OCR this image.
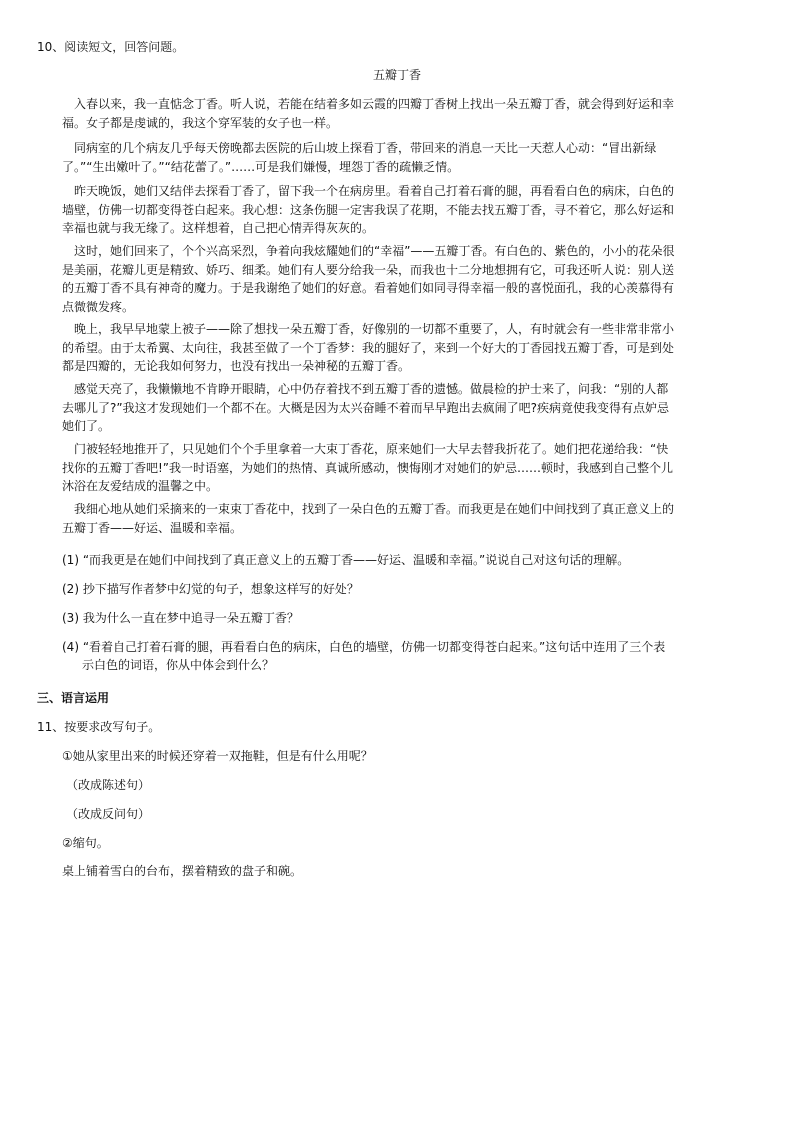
10、阅读短文，回答问题。
五瓣丁香
入春以来，我一直惦念丁香。听人说，若能在结着多如云霞的四瓣丁香树上找出一朵五瓣丁香，就会得到好运和幸
福。女子都是虔诚的，我这个穿军装的女子也一样。
同病室的几个病友几乎每天傍晚都去医院的后山坡上探看丁香，带回来的消息一天比一天惹人心动：“冒出新绿
了。”“生出嫩叶了。”“结花蕾了。”……可是我们嫌慢，埋怨丁香的疏懒乏情。
昨天晚饭，她们又结伴去探看丁香了，留下我一个在病房里。看着自己打着石膏的腿，再看看白色的病床，白色的
墙壁，仿佛一切都变得苍白起来。我心想：这条伤腿一定害我误了花期，不能去找五瓣丁香，寻不着它，那么好运和
幸福也就与我无缘了。这样想着，自己把心情弄得灰灰的。
这时，她们回来了，个个兴高采烈，争着向我炫耀她们的“幸福”——五瓣丁香。有白色的、紫色的，小小的花朵很
是美丽，花瓣儿更是精致、娇巧、细柔。她们有人要分给我一朵，而我也十二分地想拥有它，可我还听人说：别人送
的五瓣丁香不具有神奇的魔力。于是我谢绝了她们的好意。看着她们如同寻得幸福一般的喜悦面孔，我的心羡慕得有
点微微发疼。
晚上，我早早地蒙上被子——除了想找一朵五瓣丁香，好像别的一切都不重要了，人，有时就会有一些非常非常小
的希望。由于太希翼、太向往，我甚至做了一个丁香梦：我的腿好了，来到一个好大的丁香园找五瓣丁香，可是到处
都是四瓣的，无论我如何努力，也没有找出一朵神秘的五瓣丁香。
感觉天亮了，我懒懒地不肯睁开眼睛，心中仍存着找不到五瓣丁香的遗憾。做晨检的护士来了，问我：“别的人都
去哪儿了?”我这才发现她们一个都不在。大概是因为太兴奋睡不着而早早跑出去疯闹了吧?疾病竟使我变得有点妒忌
她们了。
门被轻轻地推开了，只见她们个个手里拿着一大束丁香花，原来她们一大早去替我折花了。她们把花递给我：“快
找你的五瓣丁香吧!”我一时语塞，为她们的热情、真诚所感动，懊悔刚才对她们的妒忌……顿时，我感到自己整个儿
沐浴在友爱结成的温馨之中。
我细心地从她们采摘来的一束束丁香花中，找到了一朵白色的五瓣丁香。而我更是在她们中间找到了真正意义上的
五瓣丁香——好运、温暖和幸福。
(1) “而我更是在她们中间找到了真正意义上的五瓣丁香——好运、温暖和幸福。”说说自己对这句话的理解。
(2) 抄下描写作者梦中幻觉的句子，想象这样写的好处？
(3) 我为什么一直在梦中追寻一朵五瓣丁香？
(4) “看着自己打着石膏的腿，再看看白色的病床，白色的墙壁，仿佛一切都变得苍白起来。”这句话中连用了三个表
示白色的词语，你从中体会到什么？
三、语言运用
11、按要求改写句子。
①她从家里出来的时候还穿着一双拖鞋，但是有什么用呢？
（改成陈述句）
（改成反问句）
②缩句。
桌上铺着雪白的台布，摆着精致的盘子和碗。
